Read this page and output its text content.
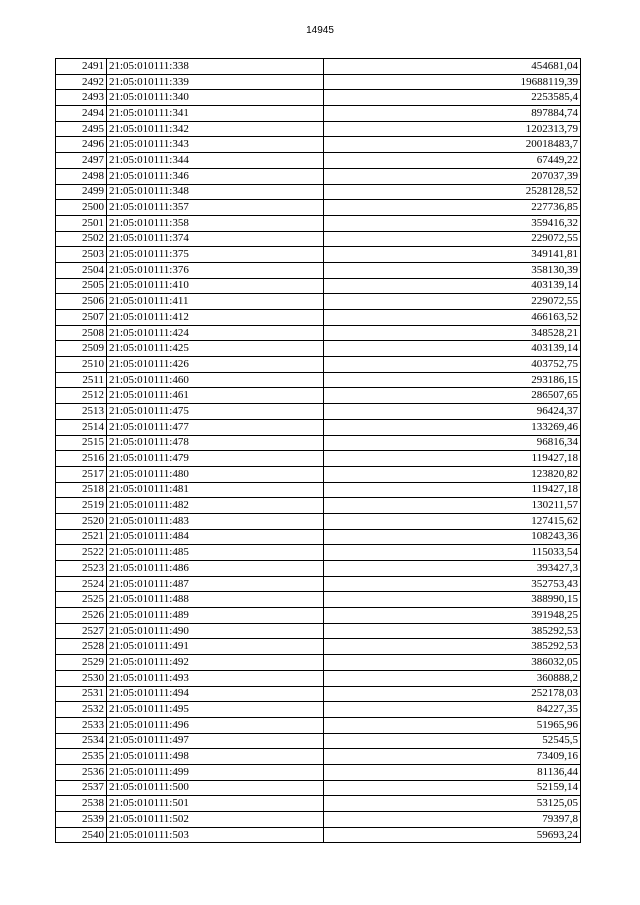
14945
2491	21:05:010111:338	454681,04
2492	21:05:010111:339	19688119,39
2493	21:05:010111:340	2253585,4
2494	21:05:010111:341	897884,74
2495	21:05:010111:342	1202313,79
2496	21:05:010111:343	20018483,7
2497	21:05:010111:344	67449,22
2498	21:05:010111:346	207037,39
2499	21:05:010111:348	2528128,52
2500	21:05:010111:357	227736,85
2501	21:05:010111:358	359416,32
2502	21:05:010111:374	229072,55
2503	21:05:010111:375	349141,81
2504	21:05:010111:376	358130,39
2505	21:05:010111:410	403139,14
2506	21:05:010111:411	229072,55
2507	21:05:010111:412	466163,52
2508	21:05:010111:424	348528,21
2509	21:05:010111:425	403139,14
2510	21:05:010111:426	403752,75
2511	21:05:010111:460	293186,15
2512	21:05:010111:461	286507,65
2513	21:05:010111:475	96424,37
2514	21:05:010111:477	133269,46
2515	21:05:010111:478	96816,34
2516	21:05:010111:479	119427,18
2517	21:05:010111:480	123820,82
2518	21:05:010111:481	119427,18
2519	21:05:010111:482	130211,57
2520	21:05:010111:483	127415,62
2521	21:05:010111:484	108243,36
2522	21:05:010111:485	115033,54
2523	21:05:010111:486	393427,3
2524	21:05:010111:487	352753,43
2525	21:05:010111:488	388990,15
2526	21:05:010111:489	391948,25
2527	21:05:010111:490	385292,53
2528	21:05:010111:491	385292,53
2529	21:05:010111:492	386032,05
2530	21:05:010111:493	360888,2
2531	21:05:010111:494	252178,03
2532	21:05:010111:495	84227,35
2533	21:05:010111:496	51965,96
2534	21:05:010111:497	52545,5
2535	21:05:010111:498	73409,16
2536	21:05:010111:499	81136,44
2537	21:05:010111:500	52159,14
2538	21:05:010111:501	53125,05
2539	21:05:010111:502	79397,8
2540	21:05:010111:503	59693,24
